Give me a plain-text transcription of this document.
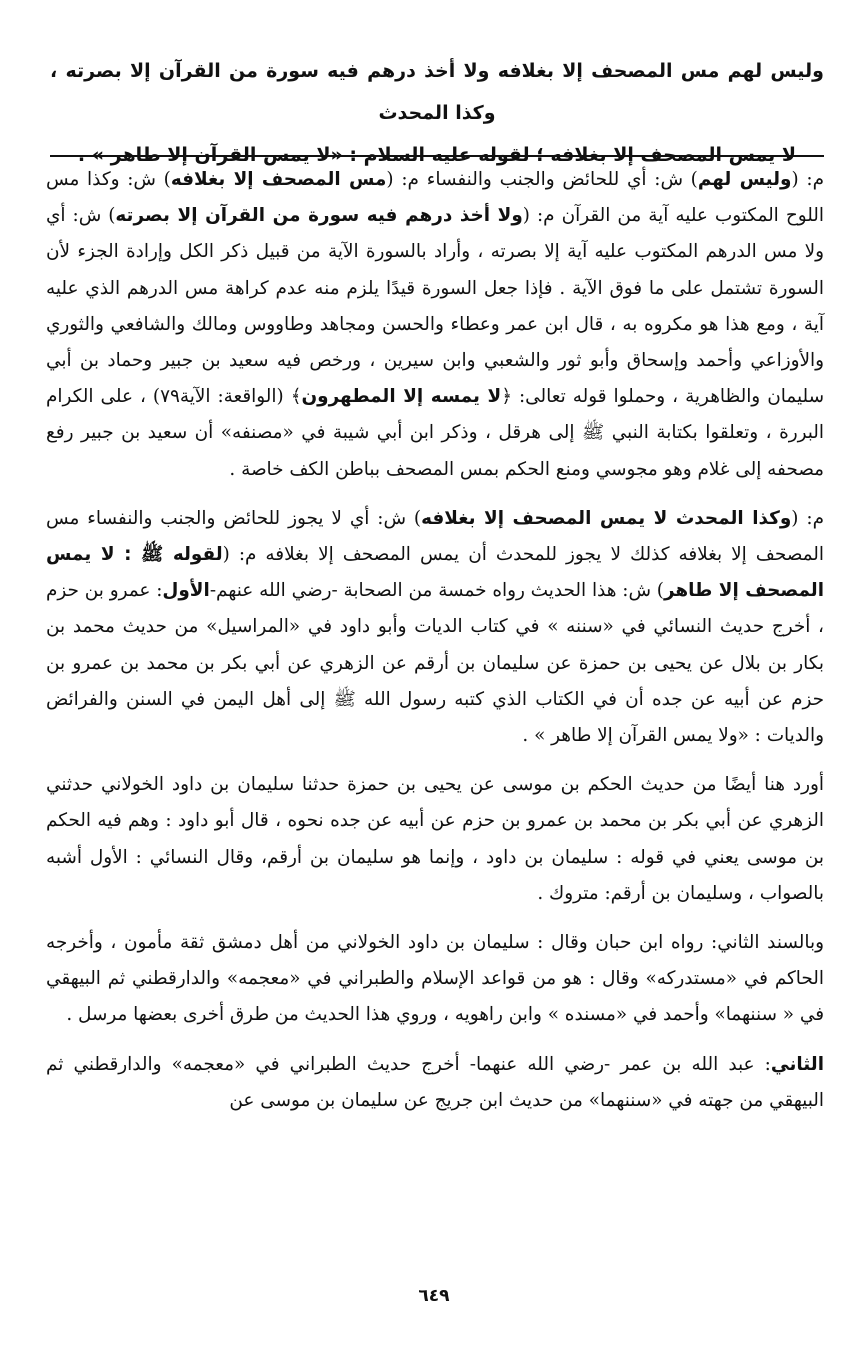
وليس لهم مس المصحف إلا بغلافه ولا أخذ درهم فيه سورة من القرآن إلا بصرته ، وكذا المحدث

لا يمس المصحف إلا بغلافه ؛ لقوله عليه السلام : «لا يمس القرآن إلا طاهر » .

م: (وليس لهم) ش: أي للحائض والجنب والنفساء م: (مس المصحف إلا بغلافه) ش: وكذا مس اللوح المكتوب عليه آية من القرآن م: (ولا أخذ درهم فيه سورة من القرآن إلا بصرته) ش: أي ولا مس الدرهم المكتوب عليه آية إلا بصرته ، وأراد بالسورة الآية من قبيل ذكر الكل وإرادة الجزء لأن السورة تشتمل على ما فوق الآية . فإذا جعل السورة قيدًا يلزم منه عدم كراهة مس الدرهم الذي عليه آية ، ومع هذا هو مكروه به ، قال ابن عمر وعطاء والحسن ومجاهد وطاووس ومالك والشافعي والثوري والأوزاعي وأحمد وإسحاق وأبو ثور والشعبي وابن سيرين ، ورخص فيه سعيد بن جبير وحماد بن أبي سليمان والظاهرية ، وحملوا قوله تعالى: ﴿لا يمسه إلا المطهرون﴾ (الواقعة: الآية٧٩) ، على الكرام البررة ، وتعلقوا بكتابة النبي ﷺ إلى هرقل ، وذكر ابن أبي شيبة في «مصنفه» أن سعيد بن جبير رفع مصحفه إلى غلام وهو مجوسي ومنع الحكم بمس المصحف بباطن الكف خاصة .

م: (وكذا المحدث لا يمس المصحف إلا بغلافه) ش: أي لا يجوز للحائض والجنب والنفساء مس المصحف إلا بغلافه كذلك لا يجوز للمحدث أن يمس المصحف إلا بغلافه م: (لقوله ﷺ : لا يمس المصحف إلا طاهر) ش: هذا الحديث رواه خمسة من الصحابة -رضي الله عنهم-الأول: عمرو بن حزم ، أخرج حديث النسائي في «سننه » في كتاب الديات وأبو داود في «المراسيل» من حديث محمد بن بكار بن بلال عن يحيى بن حمزة عن سليمان بن أرقم عن الزهري عن أبي بكر بن محمد بن عمرو بن حزم عن أبيه عن جده أن في الكتاب الذي كتبه رسول الله ﷺ إلى أهل اليمن في السنن والفرائض والديات : «ولا يمس القرآن إلا طاهر » .

أورد هنا أيضًا من حديث الحكم بن موسى عن يحيى بن حمزة حدثنا سليمان بن داود الخولاني حدثني الزهري عن أبي بكر بن محمد بن عمرو بن حزم عن أبيه عن جده نحوه ، قال أبو داود : وهم فيه الحكم بن موسى يعني في قوله : سليمان بن داود ، وإنما هو سليمان بن أرقم، وقال النسائي : الأول أشبه بالصواب ، وسليمان بن أرقم: متروك .

وبالسند الثاني: رواه ابن حبان وقال : سليمان بن داود الخولاني من أهل دمشق ثقة مأمون ، وأخرجه الحاكم في «مستدركه» وقال : هو من قواعد الإسلام والطبراني في «معجمه» والدارقطني ثم البيهقي في « سننهما» وأحمد في «مسنده » وابن راهويه ، وروي هذا الحديث من طرق أخرى بعضها مرسل .

الثاني: عبد الله بن عمر -رضي الله عنهما- أخرج حديث الطبراني في «معجمه» والدارقطني ثم البيهقي من جهته في «سننهما» من حديث ابن جريج عن سليمان بن موسى عن

٦٤٩
